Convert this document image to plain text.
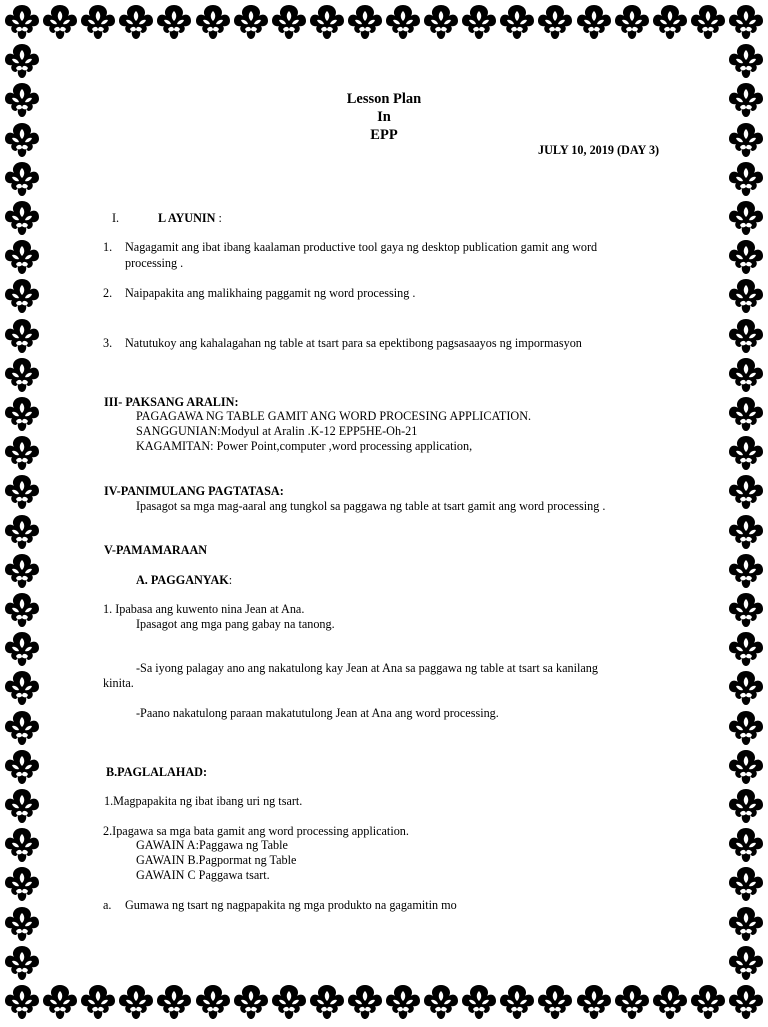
Lesson Plan
In
EPP
JULY 10, 2019 (DAY 3)
I.	L AYUNIN :
1. Nagagamit ang ibat ibang kaalaman productive tool gaya ng desktop publication gamit ang word
processing .
2. Naipapakita ang malikhaing paggamit ng word processing .
3. Natutukoy ang kahalagahan ng table at tsart para sa epektibong pagsasaayos ng impormasyon
III- PAKSANG ARALIN:
PAGAGAWA NG TABLE GAMIT ANG WORD PROCESING APPLICATION.
SANGGUNIAN:Modyul at Aralin .K-12 EPP5HE-Oh-21
KAGAMITAN: Power Point,computer ,word processing application,
IV-PANIMULANG PAGTATASA:
Ipasagot sa mga mag-aaral ang tungkol sa paggawa ng table at tsart gamit ang word processing .
V-PAMAMARAAN
A. PAGGANYAK:
1. Ipabasa ang kuwento nina Jean at Ana.
Ipasagot ang mga pang gabay na tanong.
-Sa iyong palagay ano ang nakatulong kay Jean at Ana sa paggawa ng table at tsart sa kanilang
kinita.
-Paano nakatulong paraan makatutulong Jean at Ana ang word processing.
B.PAGLALAHAD:
1.Magpapakita ng ibat ibang uri ng tsart.
2.Ipagawa sa mga bata gamit ang word processing application.
GAWAIN A:Paggawa ng Table
GAWAIN B.Pagpormat ng Table
GAWAIN C Paggawa tsart.
a. Gumawa ng tsart ng nagpapakita ng mga produkto na gagamitin mo
